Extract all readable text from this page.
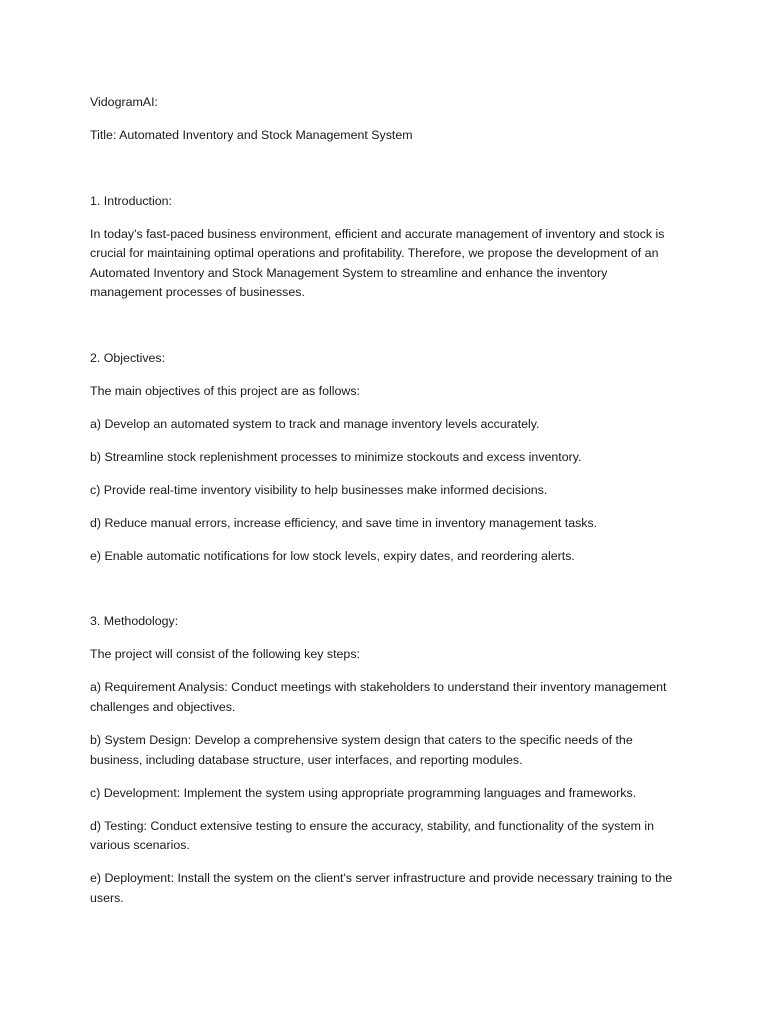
VidogramAI:

Title: Automated Inventory and Stock Management System

1. Introduction:

In today's fast-paced business environment, efficient and accurate management of inventory and stock is crucial for maintaining optimal operations and profitability. Therefore, we propose the development of an Automated Inventory and Stock Management System to streamline and enhance the inventory management processes of businesses.

2. Objectives:

The main objectives of this project are as follows:

a) Develop an automated system to track and manage inventory levels accurately.

b) Streamline stock replenishment processes to minimize stockouts and excess inventory.

c) Provide real-time inventory visibility to help businesses make informed decisions.

d) Reduce manual errors, increase efficiency, and save time in inventory management tasks.

e) Enable automatic notifications for low stock levels, expiry dates, and reordering alerts.

3. Methodology:

The project will consist of the following key steps:

a) Requirement Analysis: Conduct meetings with stakeholders to understand their inventory management challenges and objectives.

b) System Design: Develop a comprehensive system design that caters to the specific needs of the business, including database structure, user interfaces, and reporting modules.

c) Development: Implement the system using appropriate programming languages and frameworks.

d) Testing: Conduct extensive testing to ensure the accuracy, stability, and functionality of the system in various scenarios.

e) Deployment: Install the system on the client's server infrastructure and provide necessary training to the users.
